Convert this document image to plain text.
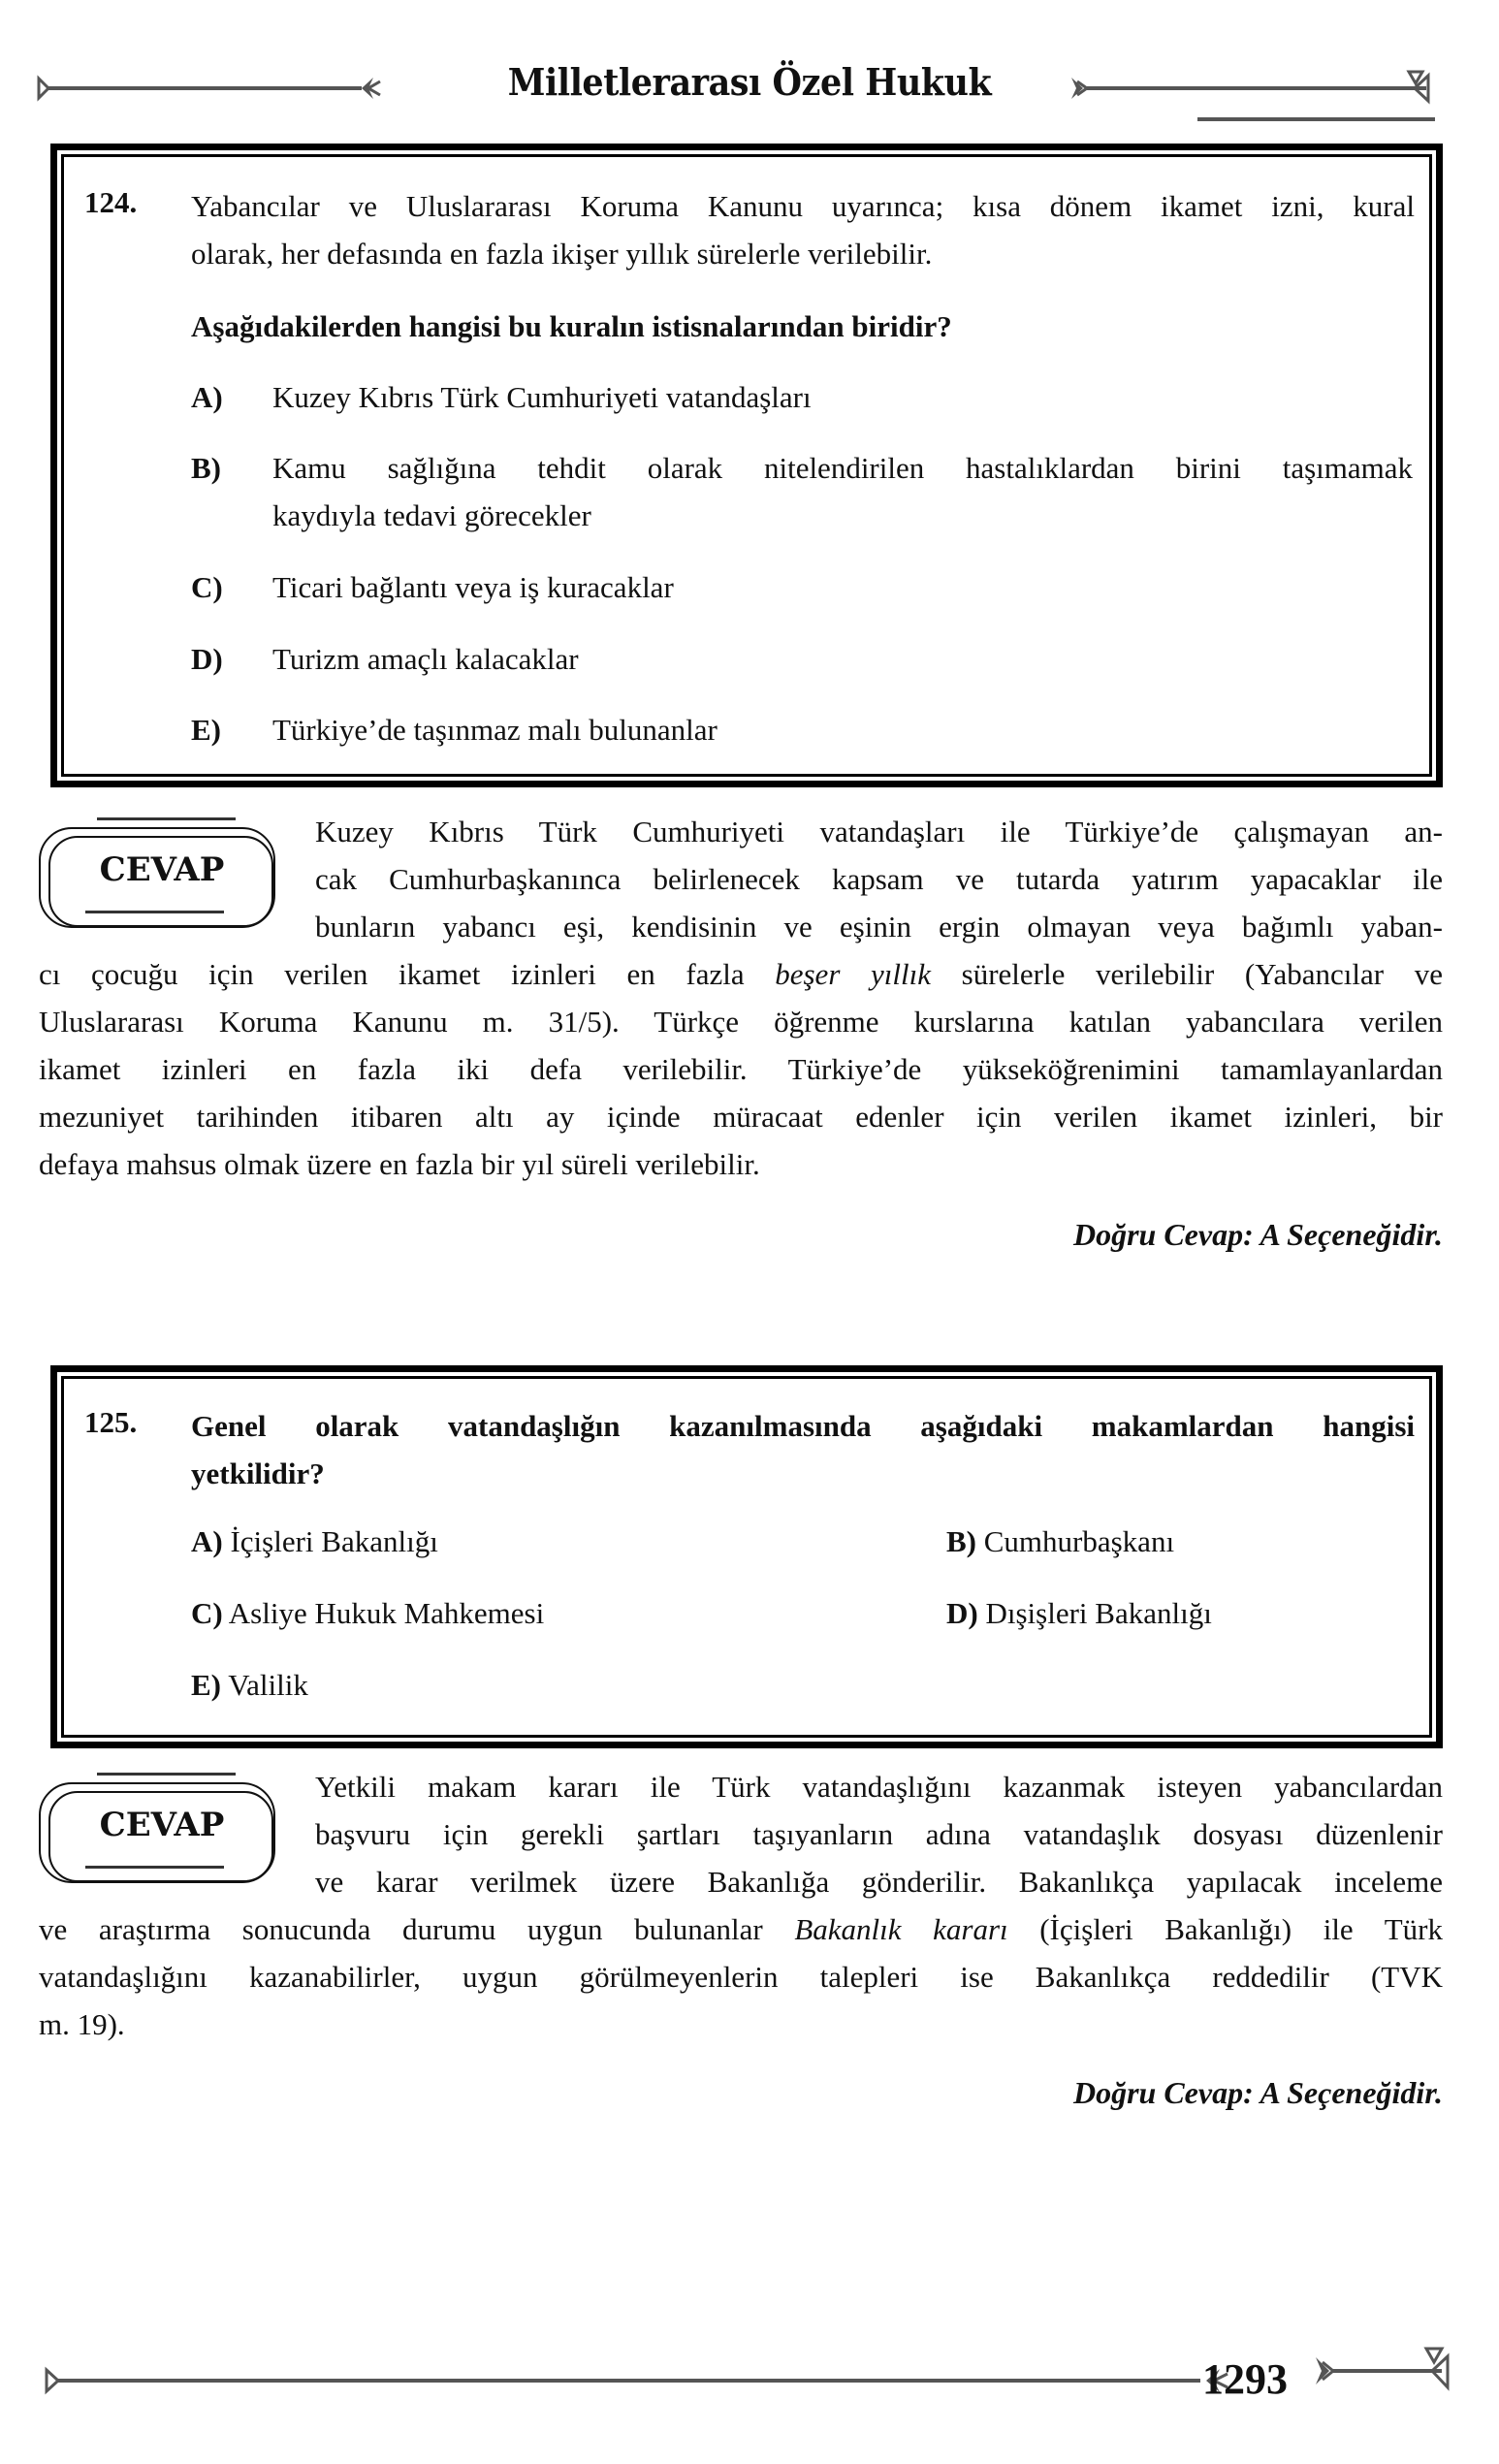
Milletlerarası Özel Hukuk
124. Yabancılar ve Uluslararası Koruma Kanunu uyarınca; kısa dönem ikamet izni, kural
olarak, her defasında en fazla ikişer yıllık sürelerle verilebilir.
Aşağıdakilerden hangisi bu kuralın istisnalarından biridir?
A) Kuzey Kıbrıs Türk Cumhuriyeti vatandaşları
B) Kamu sağlığına tehdit olarak nitelendirilen hastalıklardan birini taşımamak
kaydıyla tedavi görecekler
C) Ticari bağlantı veya iş kuracaklar
D) Turizm amaçlı kalacaklar
E) Türkiye’de taşınmaz malı bulunanlar
CEVAP
Kuzey Kıbrıs Türk Cumhuriyeti vatandaşları ile Türkiye’de çalışmayan an-
cak Cumhurbaşkanınca belirlenecek kapsam ve tutarda yatırım yapacaklar ile
bunların yabancı eşi, kendisinin ve eşinin ergin olmayan veya bağımlı yaban-
cı çocuğu için verilen ikamet izinleri en fazla beşer yıllık sürelerle verilebilir (Yabancılar ve
Uluslararası Koruma Kanunu m. 31/5). Türkçe öğrenme kurslarına katılan yabancılara verilen
ikamet izinleri en fazla iki defa verilebilir. Türkiye’de yükseköğrenimini tamamlayanlardan
mezuniyet tarihinden itibaren altı ay içinde müracaat edenler için verilen ikamet izinleri, bir
defaya mahsus olmak üzere en fazla bir yıl süreli verilebilir.
Doğru Cevap: A Seçeneğidir.
125. Genel olarak vatandaşlığın kazanılmasında aşağıdaki makamlardan hangisi
yetkilidir?
A) İçişleri Bakanlığı	B) Cumhurbaşkanı
C) Asliye Hukuk Mahkemesi	D) Dışişleri Bakanlığı
E) Valilik
CEVAP
Yetkili makam kararı ile Türk vatandaşlığını kazanmak isteyen yabancılardan
başvuru için gerekli şartları taşıyanların adına vatandaşlık dosyası düzenlenir
ve karar verilmek üzere Bakanlığa gönderilir. Bakanlıkça yapılacak inceleme
ve araştırma sonucunda durumu uygun bulunanlar Bakanlık kararı (İçişleri Bakanlığı) ile Türk
vatandaşlığını kazanabilirler, uygun görülmeyenlerin talepleri ise Bakanlıkça reddedilir (TVK
m. 19).
Doğru Cevap: A Seçeneğidir.
1293
